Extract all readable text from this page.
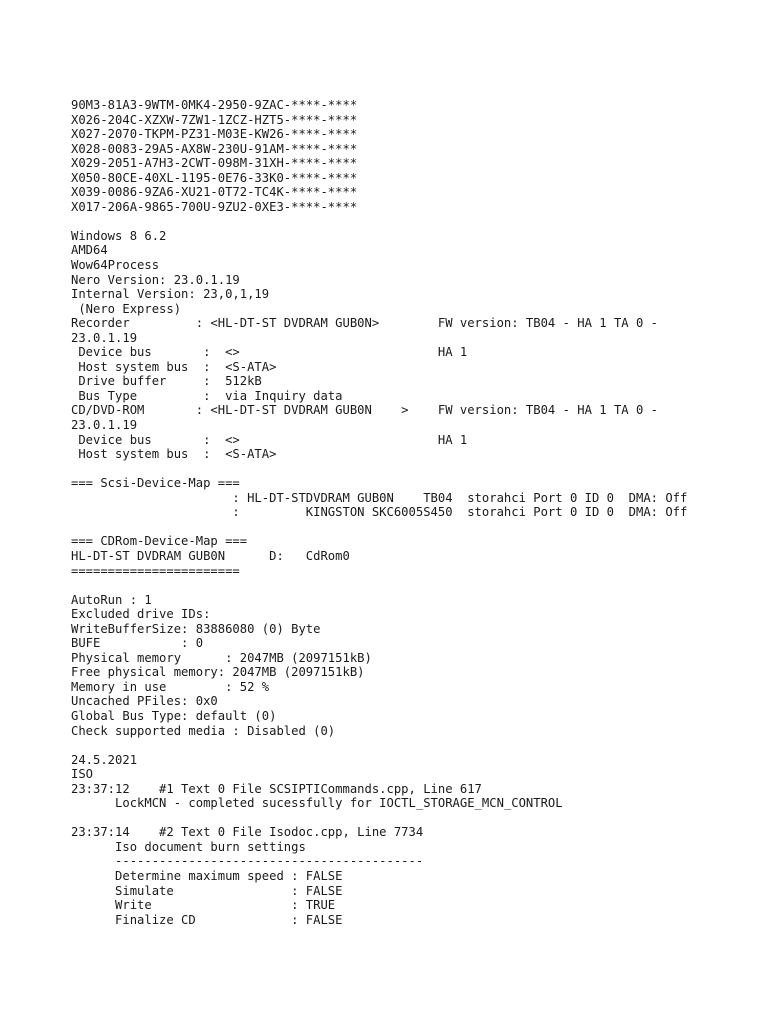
90M3-81A3-9WTM-0MK4-2950-9ZAC-****-****
X026-204C-XZXW-7ZW1-1ZCZ-HZT5-****-****
X027-2070-TKPM-PZ31-M03E-KW26-****-****
X028-0083-29A5-AX8W-230U-91AM-****-****
X029-2051-A7H3-2CWT-098M-31XH-****-****
X050-80CE-40XL-1195-0E76-33K0-****-****
X039-0086-9ZA6-XU21-0T72-TC4K-****-****
X017-206A-9865-700U-9ZU2-0XE3-****-****
Windows 8 6.2
AMD64
Wow64Process
Nero Version: 23.0.1.19
Internal Version: 23,0,1,19
(Nero Express)
Recorder         : <HL-DT-ST DVDRAM GUB0N>        FW version: TB04 - HA 1 TA 0 -
23.0.1.19
Device bus       :  <>                           HA 1
Host system bus  :  <S-ATA>
Drive buffer     :  512kB
Bus Type         :  via Inquiry data
CD/DVD-ROM       : <HL-DT-ST DVDRAM GUB0N    >    FW version: TB04 - HA 1 TA 0 -
23.0.1.19
Device bus       :  <>                           HA 1
Host system bus  :  <S-ATA>
=== Scsi-Device-Map ===
: HL-DT-STDVDRAM GUB0N    TB04  storahci Port 0 ID 0  DMA: Off
:         KINGSTON SKC6005S450  storahci Port 0 ID 0  DMA: Off
=== CDRom-Device-Map ===
HL-DT-ST DVDRAM GUB0N      D:   CdRom0
=======================
AutoRun : 1
Excluded drive IDs:
WriteBufferSize: 83886080 (0) Byte
BUFE           : 0
Physical memory      : 2047MB (2097151kB)
Free physical memory: 2047MB (2097151kB)
Memory in use        : 52 %
Uncached PFiles: 0x0
Global Bus Type: default (0)
Check supported media : Disabled (0)
24.5.2021
ISO
23:37:12    #1 Text 0 File SCSIPTICommands.cpp, Line 617
LockMCN - completed sucessfully for IOCTL_STORAGE_MCN_CONTROL
23:37:14    #2 Text 0 File Isodoc.cpp, Line 7734
Iso document burn settings
------------------------------------------
Determine maximum speed : FALSE
Simulate                : FALSE
Write                   : TRUE
Finalize CD             : FALSE
